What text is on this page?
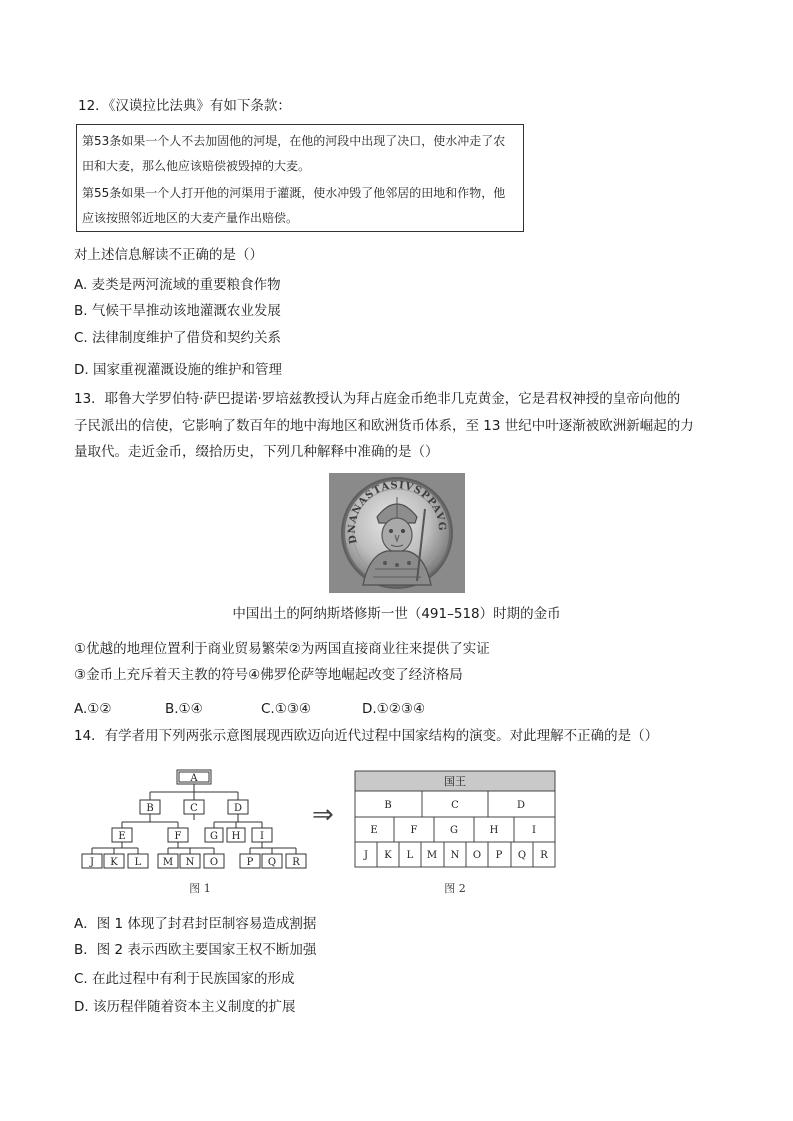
12．《汉谟拉比法典》有如下条款：

第53条如果一个人不去加固他的河堤，在他的河段中出现了决口，使水冲走了农

田和大麦，那么他应该赔偿被毁掉的大麦。

第55条如果一个人打开他的河渠用于灌溉，使水冲毁了他邻居的田地和作物，他

应该按照邻近地区的大麦产量作出赔偿。

对上述信息解读不正确的是（）
A. 麦类是两河流域的重要粮食作物
B. 气候干旱推动该地灌溉农业发展
C. 法律制度维护了借贷和契约关系
D. 国家重视灌溉设施的维护和管理
13．耶鲁大学罗伯特·萨巴提诺·罗培兹教授认为拜占庭金币绝非几克黄金，它是君权神授的皇帝向他的
子民派出的信使，它影响了数百年的地中海地区和欧洲货币体系，至 13 世纪中叶逐渐被欧洲新崛起的力
量取代。走近金币，缀拾历史，下列几种解释中准确的是（）
DNANASTASIVSPPAVG
中国出土的阿纳斯塔修斯一世（491–518）时期的金币
①优越的地理位置利于商业贸易繁荣②为两国直接商业往来提供了实证
③金币上充斥着天主教的符号④佛罗伦萨等地崛起改变了经济格局
A.①②	B.①④	C.①③④	D.①②③④
14．有学者用下列两张示意图展现西欧迈向近代过程中国家结构的演变。对此理解不正确的是（）
A
B	C	D
E	F	G H I
J K L M N O	P Q R
图 1
⇒
国王
B	C	D
E	F	G	H	I
J K L M N O P Q R
图 2
A．图 1 体现了封君封臣制容易造成割据
B．图 2 表示西欧主要国家王权不断加强
C. 在此过程中有利于民族国家的形成
D. 该历程伴随着资本主义制度的扩展
